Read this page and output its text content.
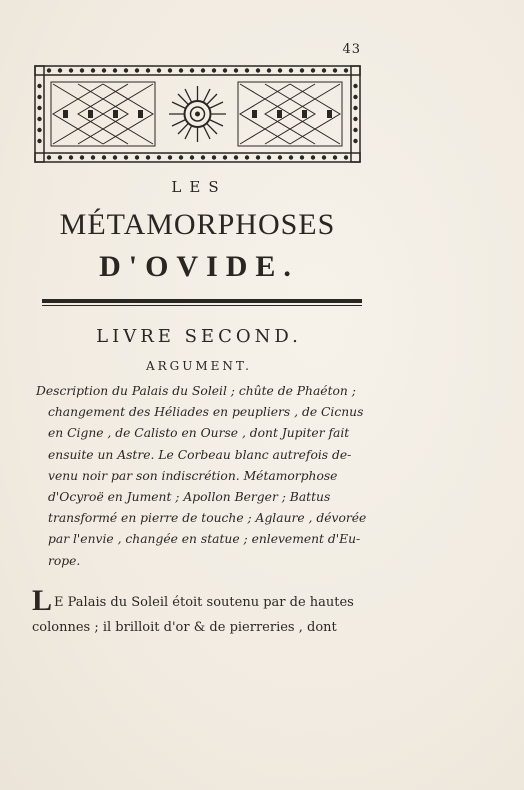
43
LES
MÉTAMORPHOSES
D'OVIDE.
LIVRE SECOND.
ARGUMENT.
Description du Palais du Soleil ; chûte de Phaéton ;
changement des Héliades en peupliers , de Cicnus
en Cigne , de Calisto en Ourse , dont Jupiter fait
ensuite un Astre. Le Corbeau blanc autrefois de-
venu noir par son indiscrétion. Métamorphose
d'Ocyroë en Jument ; Apollon Berger ; Battus
transformé en pierre de touche ; Aglaure , dévorée
par l'envie , changée en statue ; enlevement d'Eu-
rope.
L E Palais du Soleil étoit soutenu par de hautes
colonnes ; il brilloit d'or & de pierreries , dont
